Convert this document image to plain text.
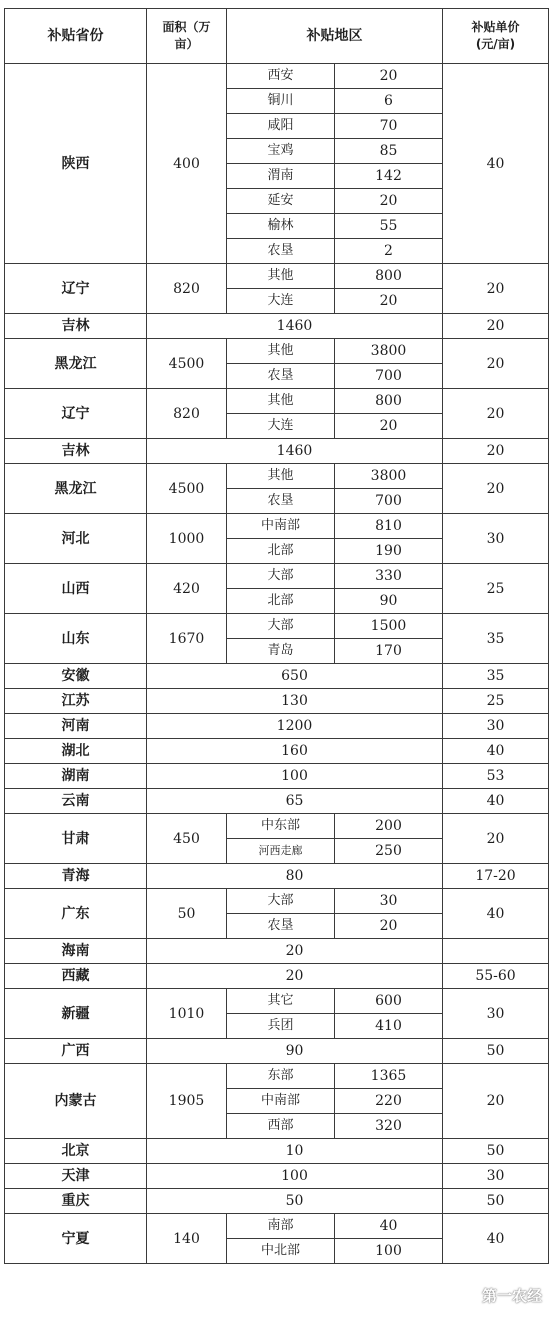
补贴省份	面积（万
亩）	补贴地区		补贴单价
(元/亩)
陕西	400	西安	20	40
		铜川	6	
		咸阳	70	
		宝鸡	85	
		渭南	142	
		延安	20	
		榆林	55	
		农垦	2	
辽宁	820	其他	800	20
		大连	20	
吉林	1460			20
黑龙江	4500	其他	3800	20
		农垦	700	
辽宁	820	其他	800	20
		大连	20	
吉林	1460			20
黑龙江	4500	其他	3800	20
		农垦	700	
河北	1000	中南部	810	30
		北部	190	
山西	420	大部	330	25
		北部	90	
山东	1670	大部	1500	35
		青岛	170	
安徽	650			35
江苏	130			25
河南	1200			30
湖北	160			40
湖南	100			53
云南	65			40
甘肃	450	中东部	200	20
		河西走廊	250	
青海	80			17-20
广东	50	大部	30	40
		农垦	20	
海南	20			
西藏	20			55-60
新疆	1010	其它	600	30
		兵团	410	
广西	90			50
内蒙古	1905	东部	1365	20
		中南部	220	
		西部	320	
北京	10			50
天津	100			30
重庆	50			50
宁夏	140	南部	40	40
		中北部	100	
第一农经
